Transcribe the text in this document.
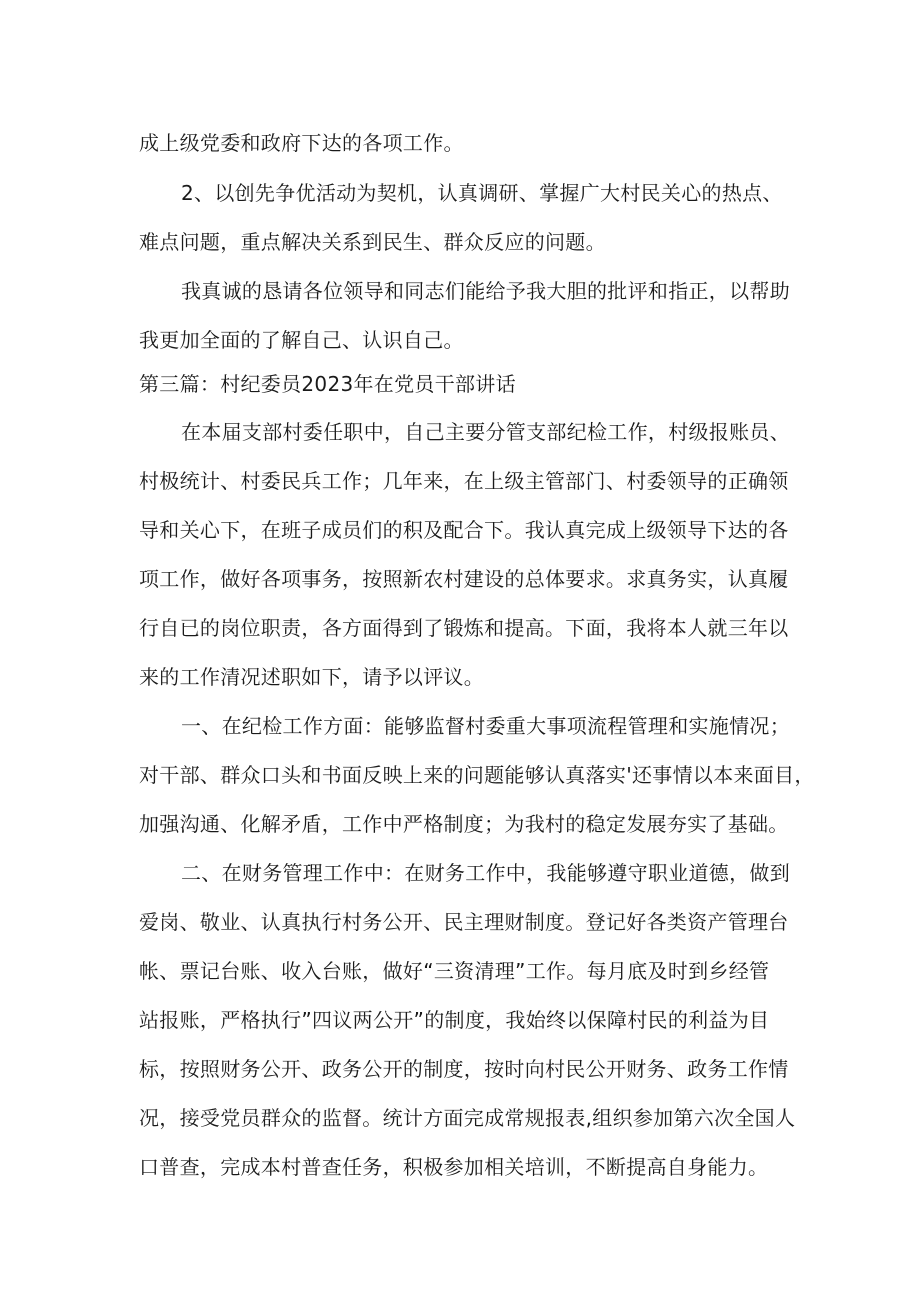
成上级党委和政府下达的各项工作。
2、以创先争优活动为契机，认真调研、掌握广大村民关心的热点、
难点问题，重点解决关系到民生、群众反应的问题。
我真诚的恳请各位领导和同志们能给予我大胆的批评和指正，以帮助
我更加全面的了解自己、认识自己。
第三篇：村纪委员2023年在党员干部讲话
在本届支部村委任职中，自己主要分管支部纪检工作，村级报账员、
村极统计、村委民兵工作；几年来，在上级主管部门、村委领导的正确领
导和关心下，在班子成员们的积及配合下。我认真完成上级领导下达的各
项工作，做好各项事务，按照新农村建设的总体要求。求真务实，认真履
行自已的岗位职责，各方面得到了锻炼和提高。下面，我将本人就三年以
来的工作清况述职如下，请予以评议。
一、在纪检工作方面：能够监督村委重大事项流程管理和实施情况；
对干部、群众口头和书面反映上来的问题能够认真落实'还事情以本来面目，
加强沟通、化解矛盾，工作中严格制度；为我村的稳定发展夯实了基础。
二、在财务管理工作中：在财务工作中，我能够遵守职业道德，做到
爱岗、敬业、认真执行村务公开、民主理财制度。登记好各类资产管理台
帐、票记台账、收入台账，做好“三资清理”工作。每月底及时到乡经管
站报账，严格执行”四议两公开”的制度，我始终以保障村民的利益为目
标，按照财务公开、政务公开的制度，按时向村民公开财务、政务工作情
况，接受党员群众的监督。统计方面完成常规报表,组织参加第六次全国人
口普查，完成本村普查任务，积极参加相关培训，不断提高自身能力。
